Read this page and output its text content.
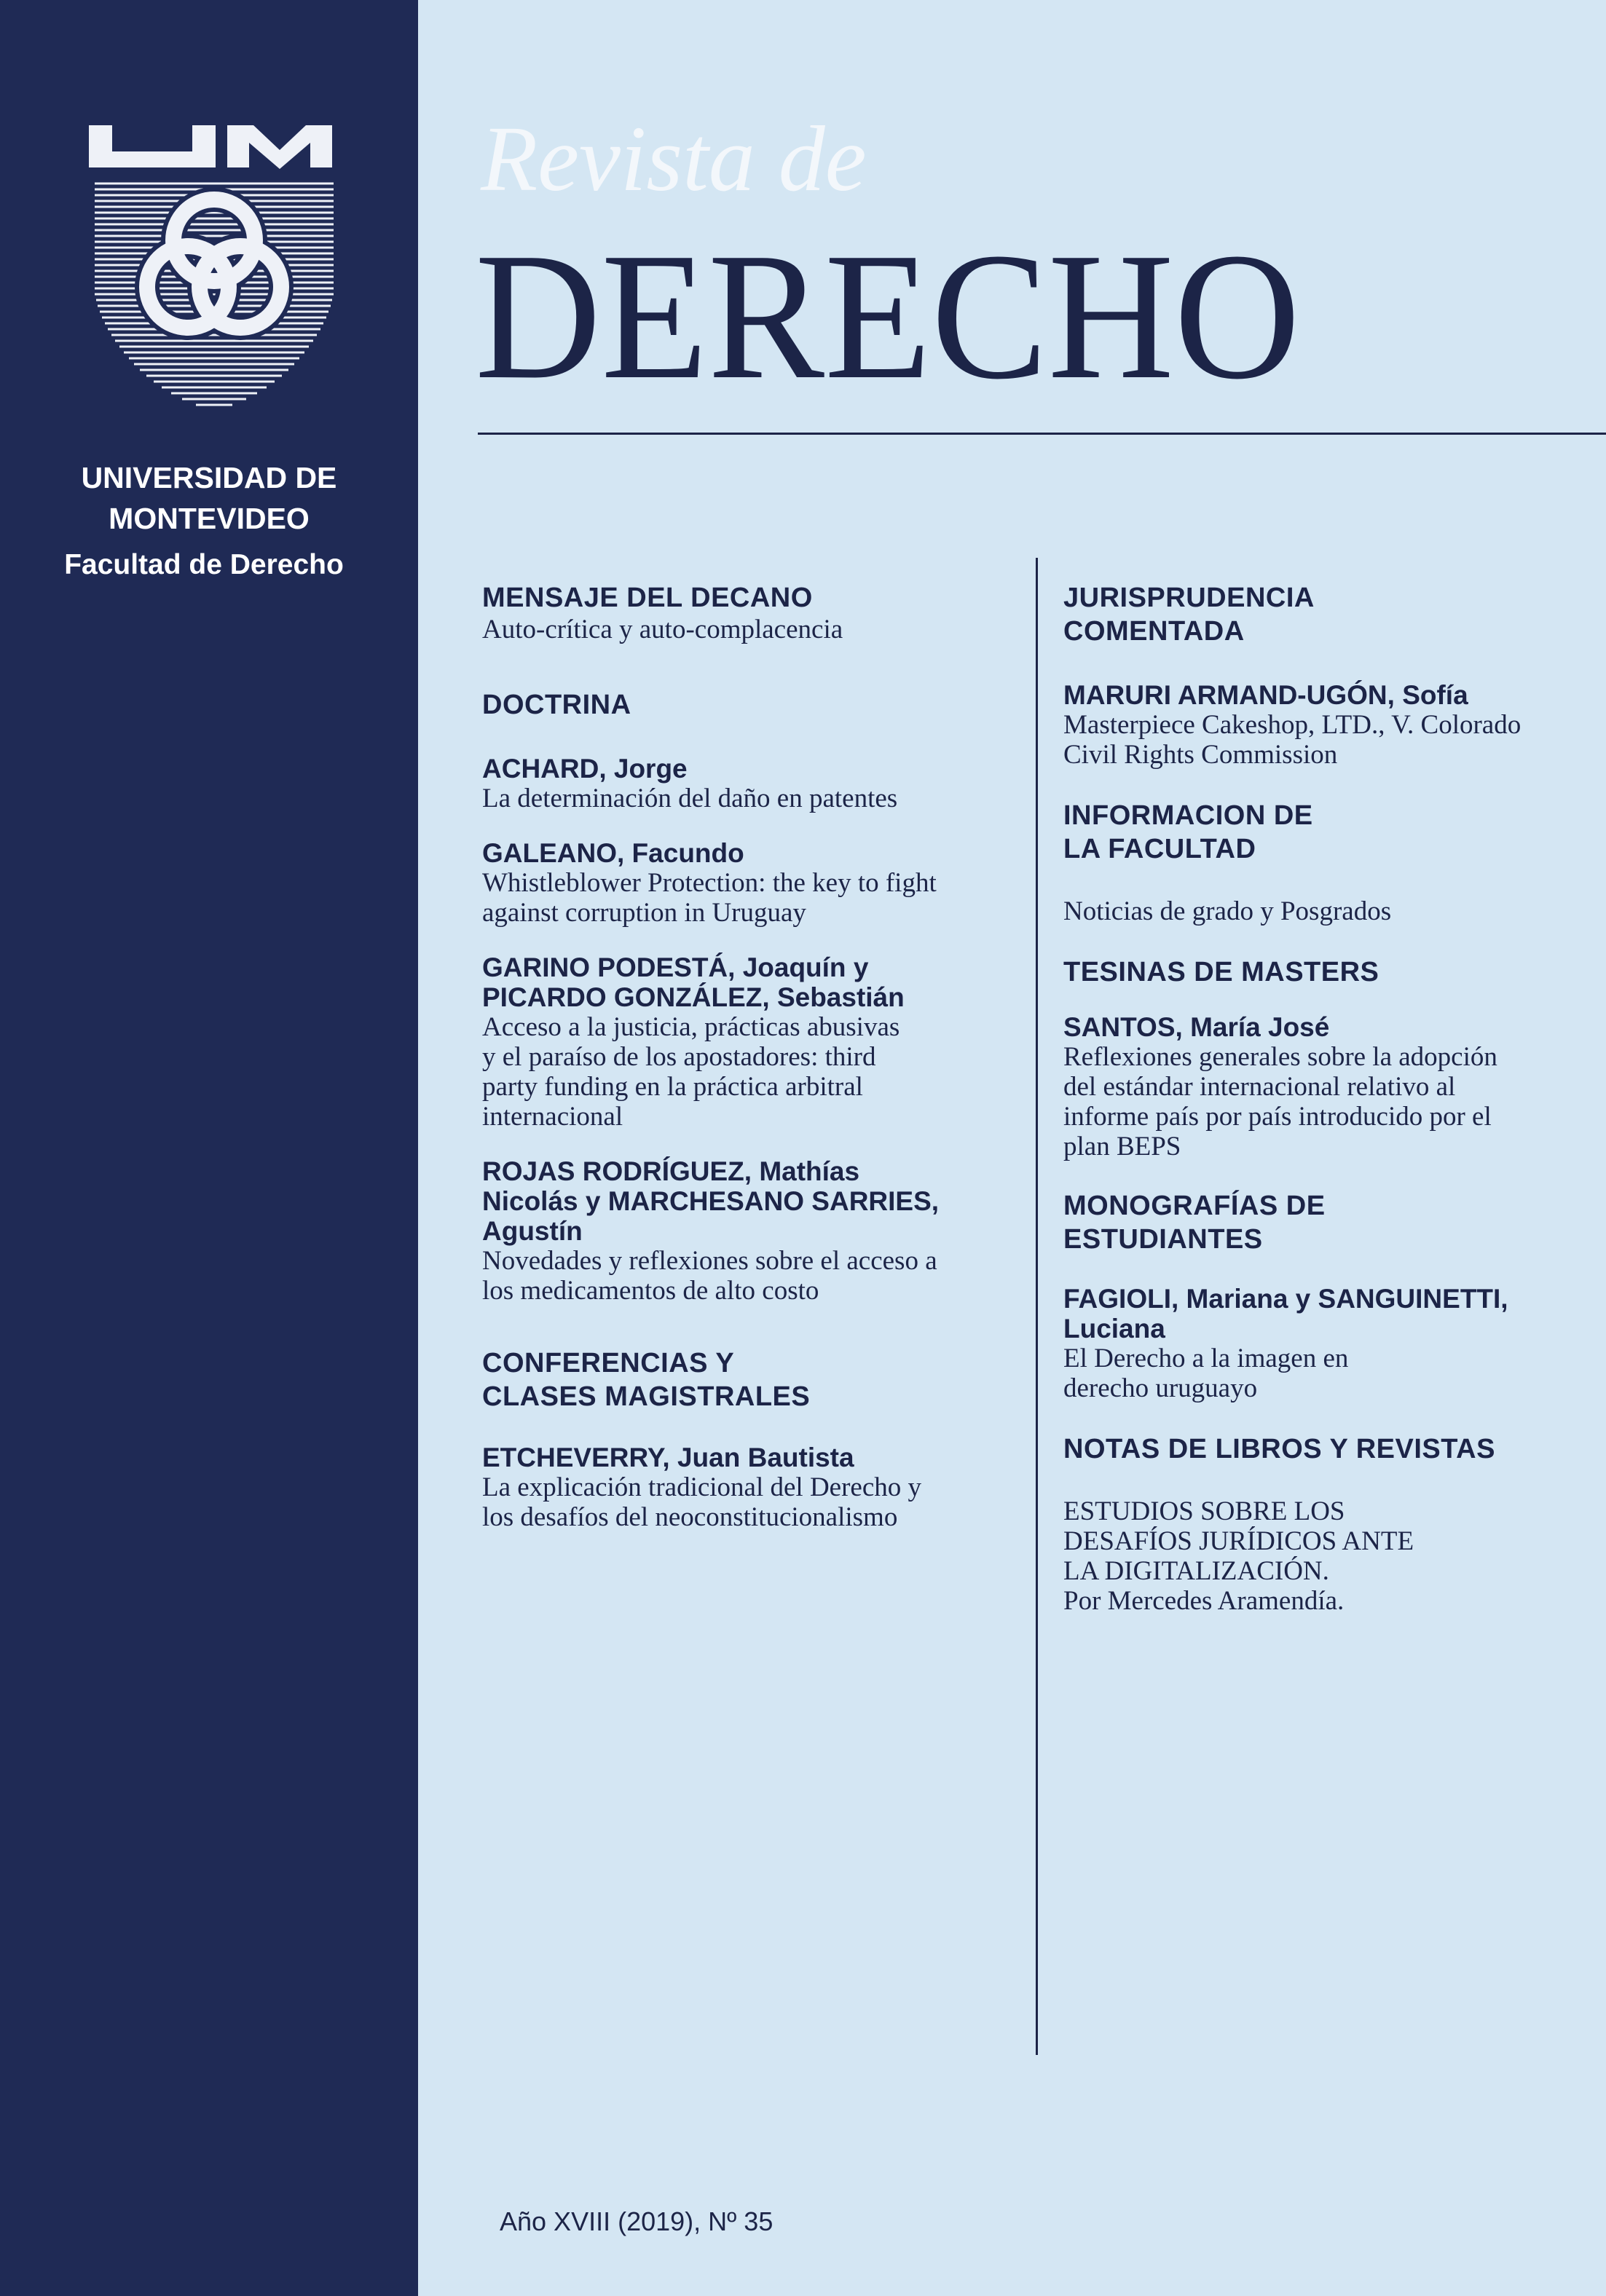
UNIVERSIDAD DE
MONTEVIDEO
Facultad de Derecho
Revista de
DERECHO
MENSAJE DEL DECANO
Auto-crítica y auto-complacencia
DOCTRINA
ACHARD, Jorge
La determinación del daño en patentes
GALEANO, Facundo
Whistleblower Protection: the key to fight
against corruption in Uruguay
GARINO PODESTÁ, Joaquín y
PICARDO GONZÁLEZ, Sebastián
Acceso a la justicia, prácticas abusivas
y el paraíso de los apostadores: third
party funding en la práctica arbitral
internacional
ROJAS RODRÍGUEZ, Mathías
Nicolás y MARCHESANO SARRIES,
Agustín
Novedades y reflexiones sobre el acceso a
los medicamentos de alto costo
CONFERENCIAS Y
CLASES MAGISTRALES
ETCHEVERRY, Juan Bautista
La explicación tradicional del Derecho y
los desafíos del neoconstitucionalismo
JURISPRUDENCIA
COMENTADA
MARURI ARMAND-UGÓN, Sofía
Masterpiece Cakeshop, LTD., V. Colorado
Civil Rights Commission
INFORMACION DE
LA FACULTAD
Noticias de grado y Posgrados
TESINAS DE MASTERS
SANTOS, María José
Reflexiones generales sobre la adopción
del estándar internacional relativo al
informe país por país introducido por el
plan BEPS
MONOGRAFÍAS DE
ESTUDIANTES
FAGIOLI, Mariana y SANGUINETTI,
Luciana
El Derecho a la imagen en
derecho uruguayo
NOTAS DE LIBROS Y REVISTAS
ESTUDIOS SOBRE LOS
DESAFÍOS JURÍDICOS ANTE
LA DIGITALIZACIÓN.
Por Mercedes Aramendía.
Año XVIII (2019), Nº 35
